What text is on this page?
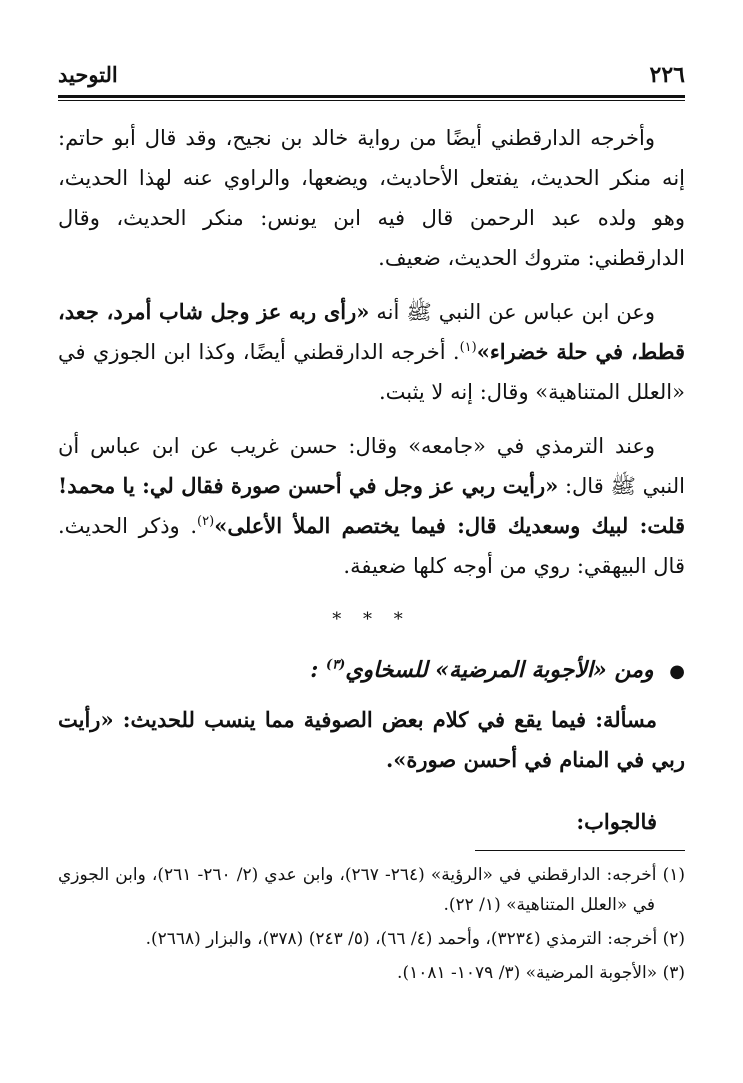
٢٢٦
التوحيد

وأخرجه الدارقطني أيضًا من رواية خالد بن نجيح، وقد قال أبو حاتم: إنه منكر الحديث، يفتعل الأحاديث، ويضعها، والراوي عنه لهذا الحديث، وهو ولده عبد الرحمن قال فيه ابن يونس: منكر الحديث، وقال الدارقطني: متروك الحديث، ضعيف.

وعن ابن عباس عن النبي ﷺ أنه «رأى ربه عز وجل شاب أمرد، جعد، قطط، في حلة خضراء»$^{(١)}$. أخرجه الدارقطني أيضًا، وكذا ابن الجوزي في «العلل المتناهية» وقال: إنه لا يثبت.

وعند الترمذي في «جامعه» وقال: حسن غريب عن ابن عباس أن النبي ﷺ قال: «رأيت ربي عز وجل في أحسن صورة فقال لي: يا محمد! قلت: لبيك وسعديك قال: فيما يختصم الملأ الأعلى»$^{(٢)}$. وذكر الحديث. قال البيهقي: روي من أوجه كلها ضعيفة.

* * *

● ومن «الأجوبة المرضية» للسخاوي$^{(٣)}$ :

مسألة: فيما يقع في كلام بعض الصوفية مما ينسب للحديث: «رأيت ربي في المنام في أحسن صورة».

فالجواب:

(١) أخرجه: الدارقطني في «الرؤية» (٢٦٤- ٢٦٧)، وابن عدي (٢/ ٢٦٠- ٢٦١)، وابن الجوزي في «العلل المتناهية» (١/ ٢٢).

(٢) أخرجه: الترمذي (٣٢٣٤)، وأحمد (٤/ ٦٦)، (٥/ ٢٤٣) (٣٧٨)، والبزار (٢٦٦٨).

(٣) «الأجوبة المرضية» (٣/ ١٠٧٩- ١٠٨١).
